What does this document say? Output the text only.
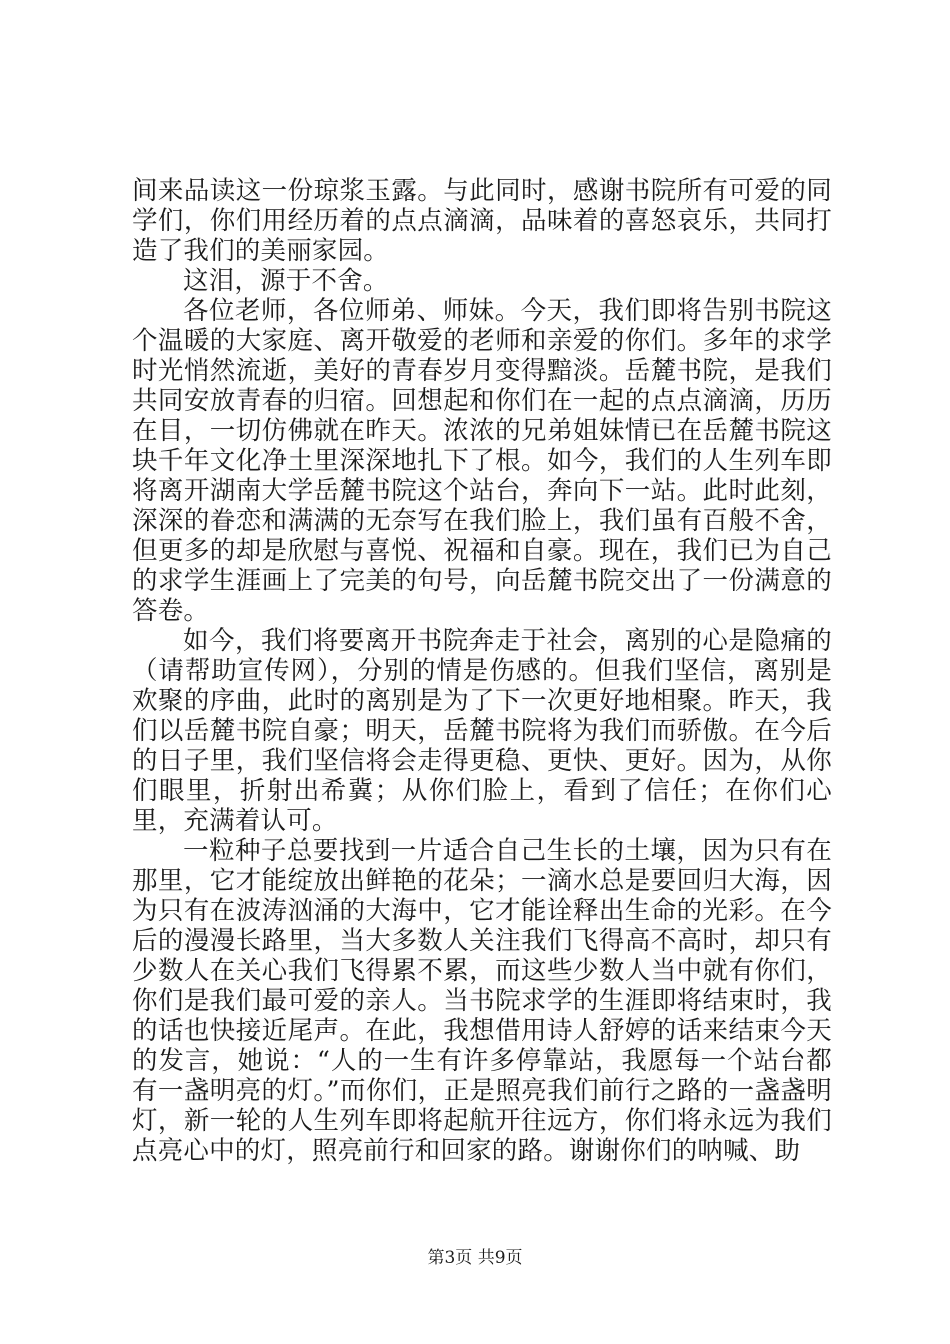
间来品读这一份琼浆玉露。与此同时，感谢书院所有可爱的同学们，你们用经历着的点点滴滴，品味着的喜怒哀乐，共同打造了我们的美丽家园。

这泪，源于不舍。

各位老师，各位师弟、师妹。今天，我们即将告别书院这个温暖的大家庭、离开敬爱的老师和亲爱的你们。多年的求学时光悄然流逝，美好的青春岁月变得黯淡。岳麓书院，是我们共同安放青春的归宿。回想起和你们在一起的点点滴滴，历历在目，一切仿佛就在昨天。浓浓的兄弟姐妹情已在岳麓书院这块千年文化净土里深深地扎下了根。如今，我们的人生列车即将离开湖南大学岳麓书院这个站台，奔向下一站。此时此刻，深深的眷恋和满满的无奈写在我们脸上，我们虽有百般不舍，但更多的却是欣慰与喜悦、祝福和自豪。现在，我们已为自己的求学生涯画上了完美的句号，向岳麓书院交出了一份满意的答卷。

如今，我们将要离开书院奔走于社会，离别的心是隐痛的（请帮助宣传网），分别的情是伤感的。但我们坚信，离别是欢聚的序曲，此时的离别是为了下一次更好地相聚。昨天，我们以岳麓书院自豪；明天，岳麓书院将为我们而骄傲。在今后的日子里，我们坚信将会走得更稳、更快、更好。因为，从你们眼里，折射出希冀；从你们脸上，看到了信任；在你们心里，充满着认可。

一粒种子总要找到一片适合自己生长的土壤，因为只有在那里，它才能绽放出鲜艳的花朵；一滴水总是要回归大海，因为只有在波涛汹涌的大海中，它才能诠释出生命的光彩。在今后的漫漫长路里，当大多数人关注我们飞得高不高时，却只有少数人在关心我们飞得累不累，而这些少数人当中就有你们，你们是我们最可爱的亲人。当书院求学的生涯即将结束时，我的话也快接近尾声。在此，我想借用诗人舒婷的话来结束今天的发言，她说：“人的一生有许多停靠站，我愿每一个站台都有一盏明亮的灯。”而你们，正是照亮我们前行之路的一盏盏明灯，新一轮的人生列车即将起航开往远方，你们将永远为我们点亮心中的灯，照亮前行和回家的路。谢谢你们的呐喊、助

第3页 共9页
